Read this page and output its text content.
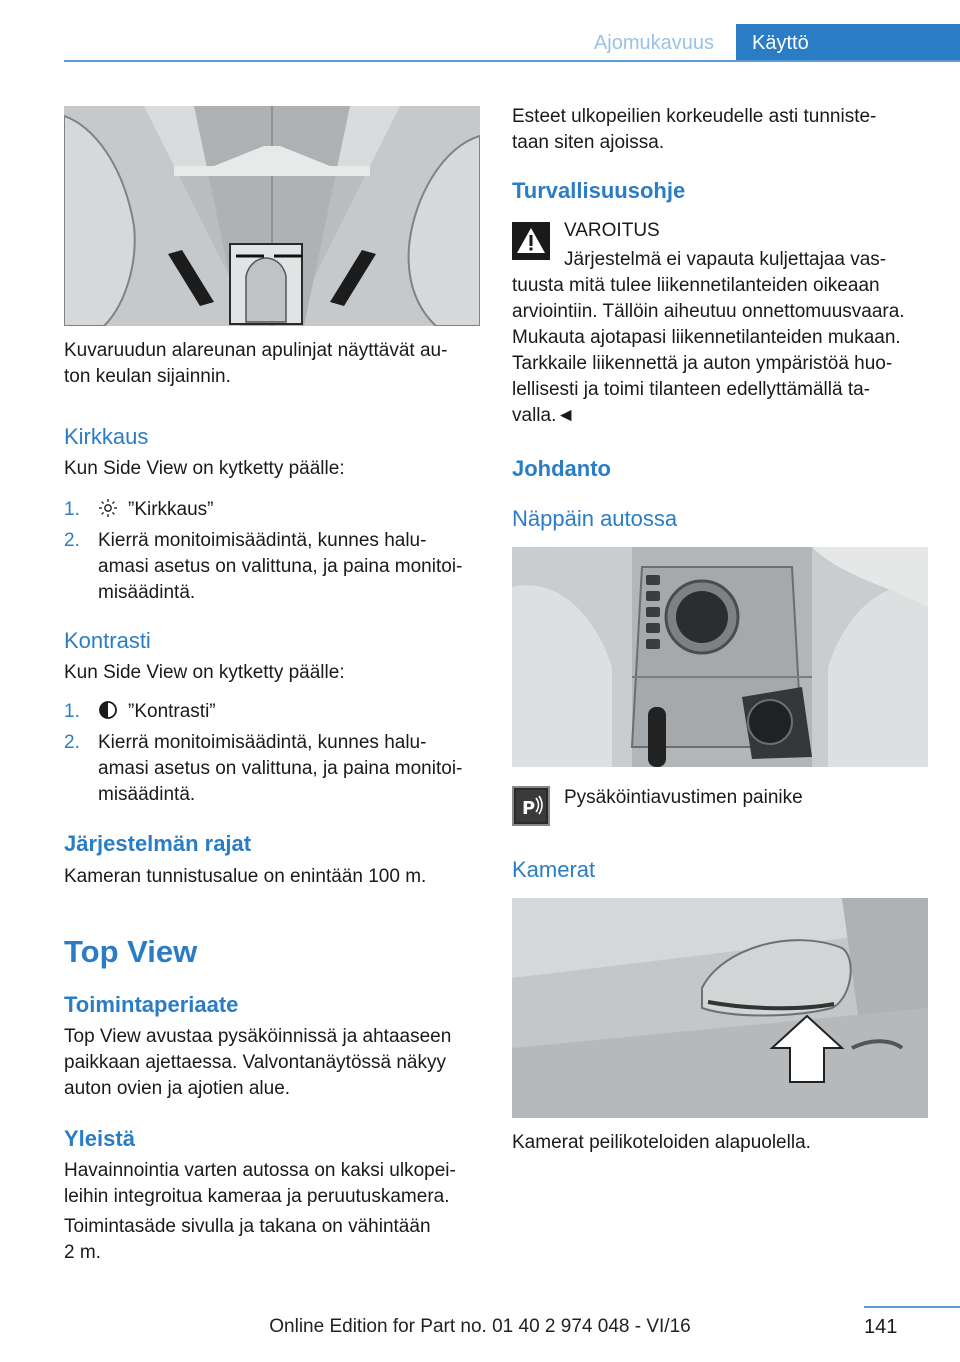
Ajomukavuus	Käyttö
Kuvaruudun alareunan apulinjat näyttävät au-
ton keulan sijainnin.
Kirkkaus
Kun Side View on kytketty päälle:
1.	”Kirkkaus”
2. Kierrä monitoimisäädintä, kunnes halu-
amasi asetus on valittuna, ja paina monitoi-
misäädintä.
Kontrasti
Kun Side View on kytketty päälle:
1.	”Kontrasti”
2. Kierrä monitoimisäädintä, kunnes halu-
amasi asetus on valittuna, ja paina monitoi-
misäädintä.
Järjestelmän rajat
Kameran tunnistusalue on enintään 100 m.
Top View
Toimintaperiaate
Top View avustaa pysäköinnissä ja ahtaaseen
paikkaan ajettaessa. Valvontanäytössä näkyy
auton ovien ja ajotien alue.
Yleistä
Havainnointia varten autossa on kaksi ulkopei-
leihin integroitua kameraa ja peruutuskamera.
Toimintasäde sivulla ja takana on vähintään
2 m.
Esteet ulkopeilien korkeudelle asti tunniste-
taan siten ajoissa.
Turvallisuusohje
VAROITUS
Järjestelmä ei vapauta kuljettajaa vas-
tuusta mitä tulee liikennetilanteiden oikeaan
arviointiin. Tällöin aiheutuu onnettomuusvaara.
Mukauta ajotapasi liikennetilanteiden mukaan.
Tarkkaile liikennettä ja auton ympäristöä huo-
lellisesti ja toimi tilanteen edellyttämällä ta-
valla.◄
Johdanto
Näppäin autossa
P
Pysäköintiavustimen painike
Kamerat
Kamerat peilikoteloiden alapuolella.
141
Online Edition for Part no. 01 40 2 974 048 - VI/16
